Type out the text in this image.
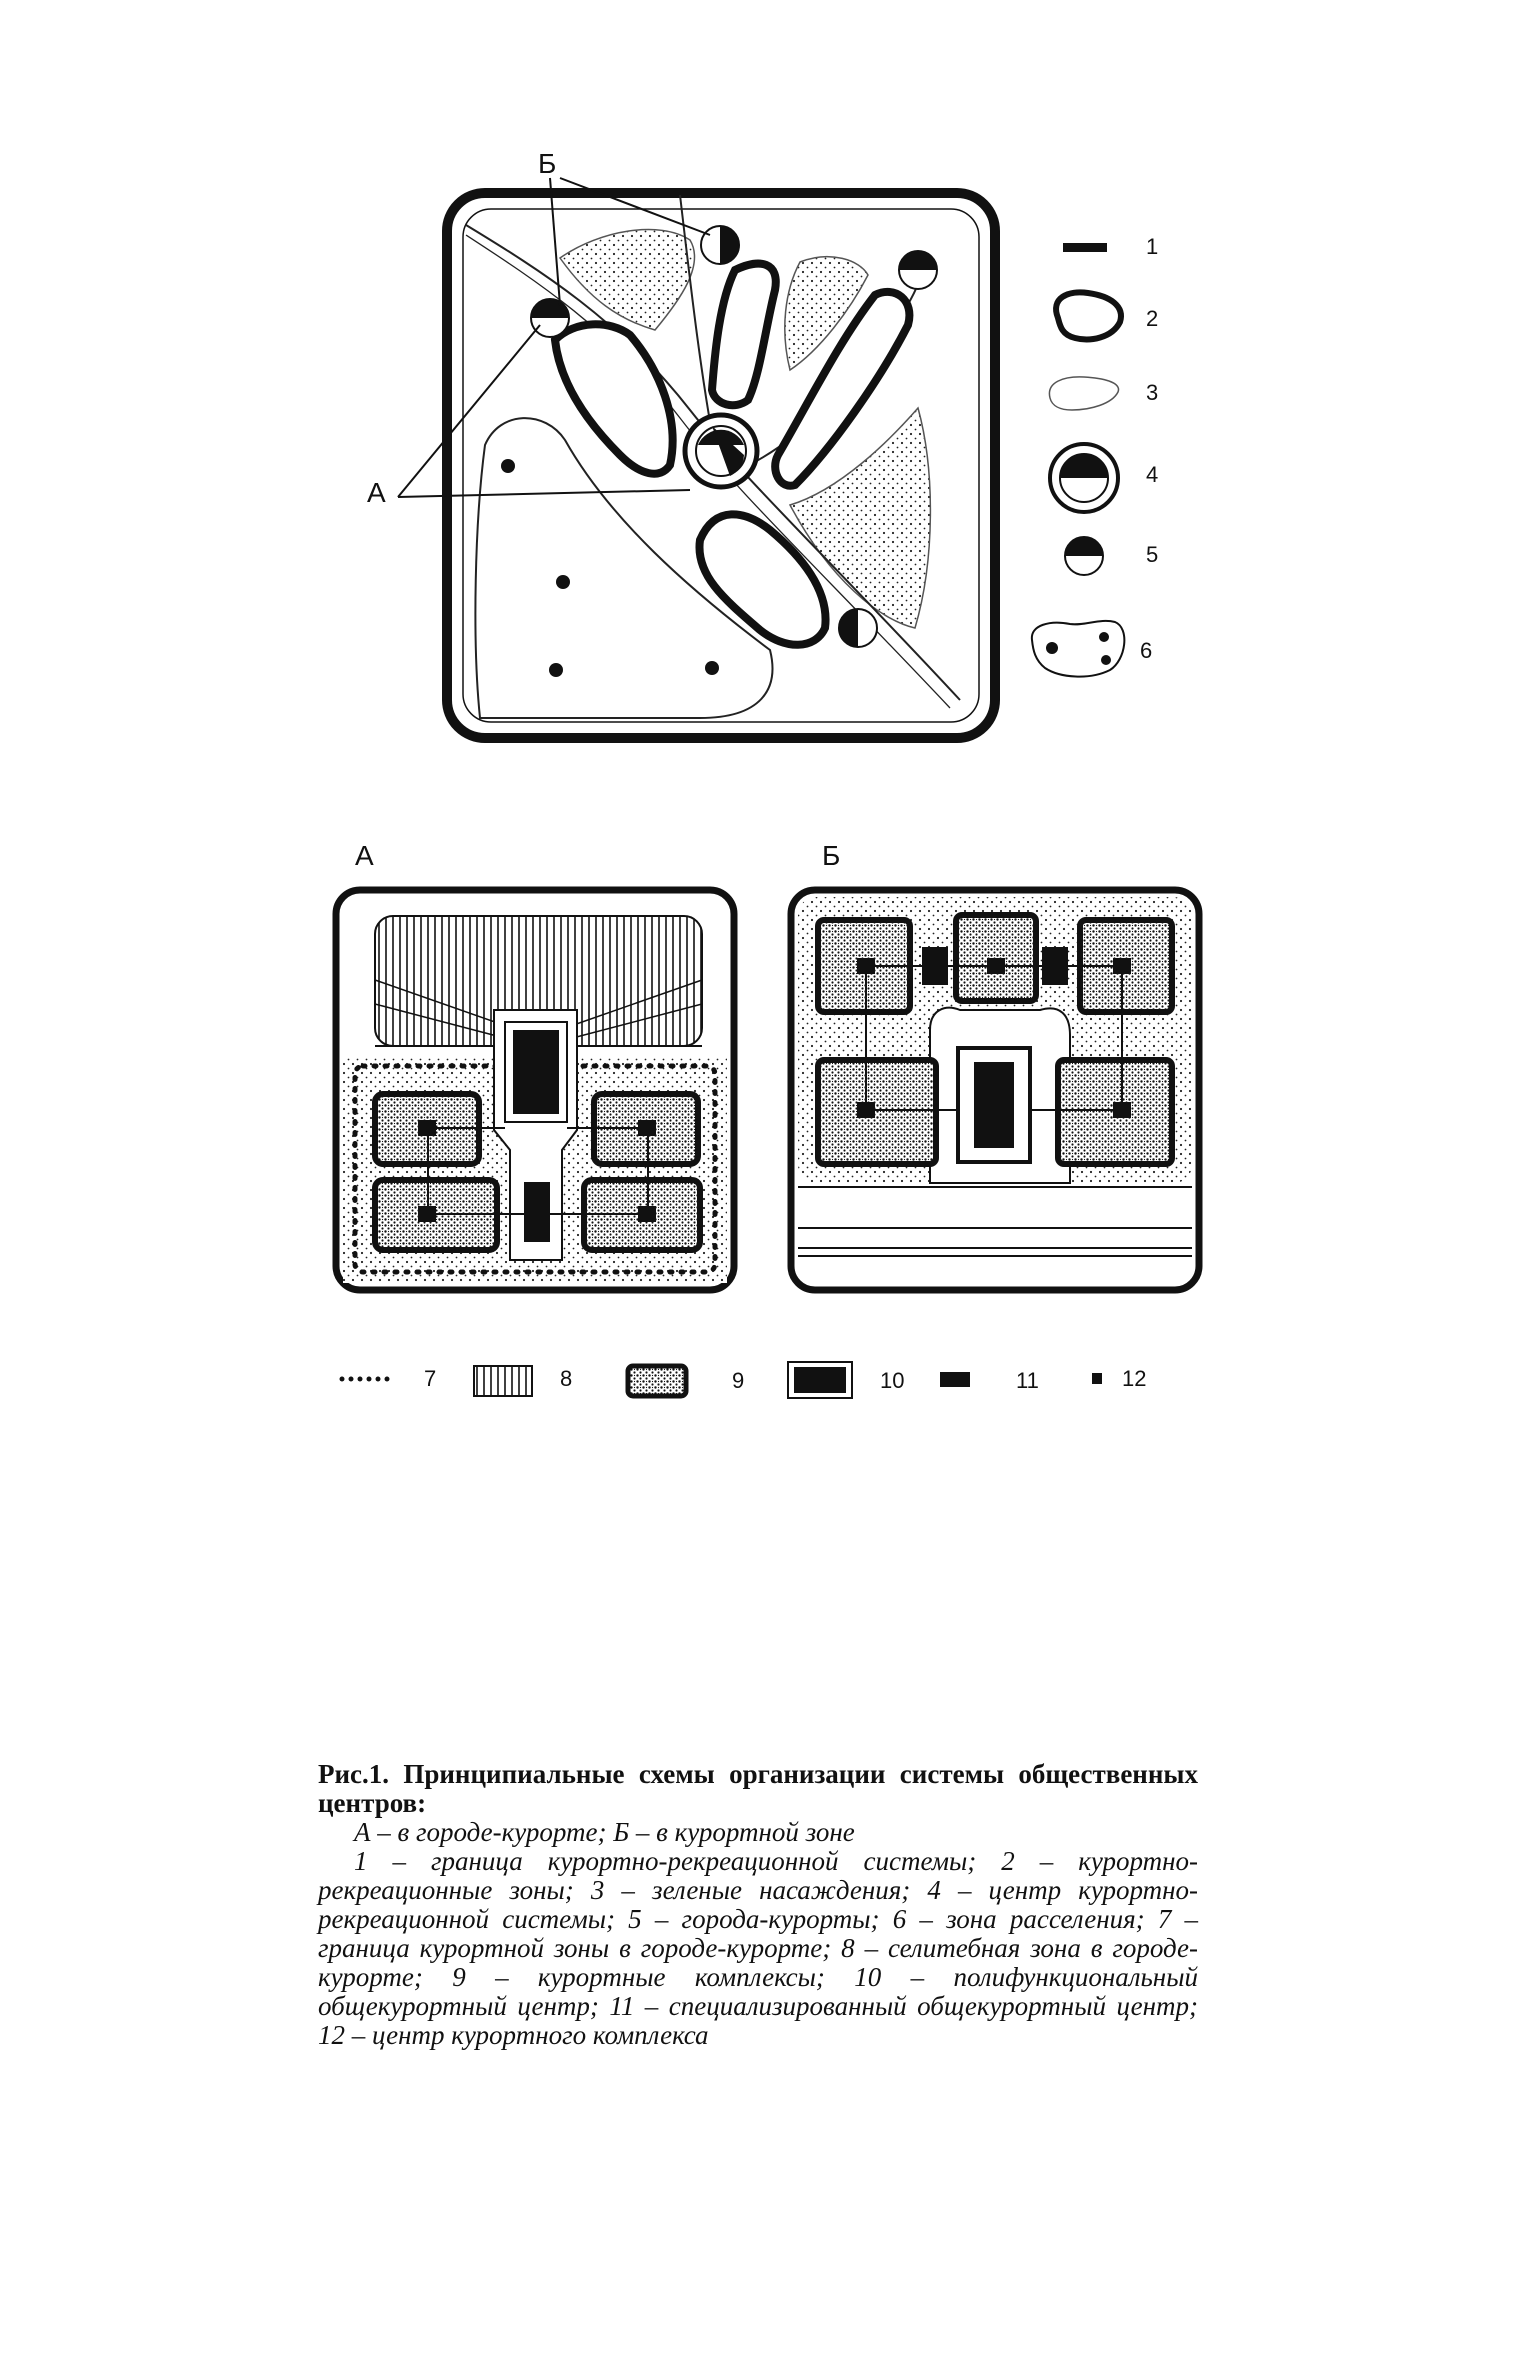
Б
А
1
2
3
4
5
6
А	Б
7	8	9	10	11	12
Рис.1. Принципиальные схемы организации системы общественных центров:
А – в городе-курорте; Б – в курортной зоне
1 – граница курортно-рекреационной системы; 2 – курортно-рекреационные зоны; 3 – зеленые насаждения; 4 – центр курортно-рекреационной системы; 5 – города-курорты; 6 – зона расселения; 7 – граница курортной зоны в городе-курорте; 8 – селитебная зона в городе-курорте; 9 – курортные комплексы; 10 – полифункциональный общекурортный центр; 11 – специализированный общекурортный центр; 12 – центр курортного комплекса
